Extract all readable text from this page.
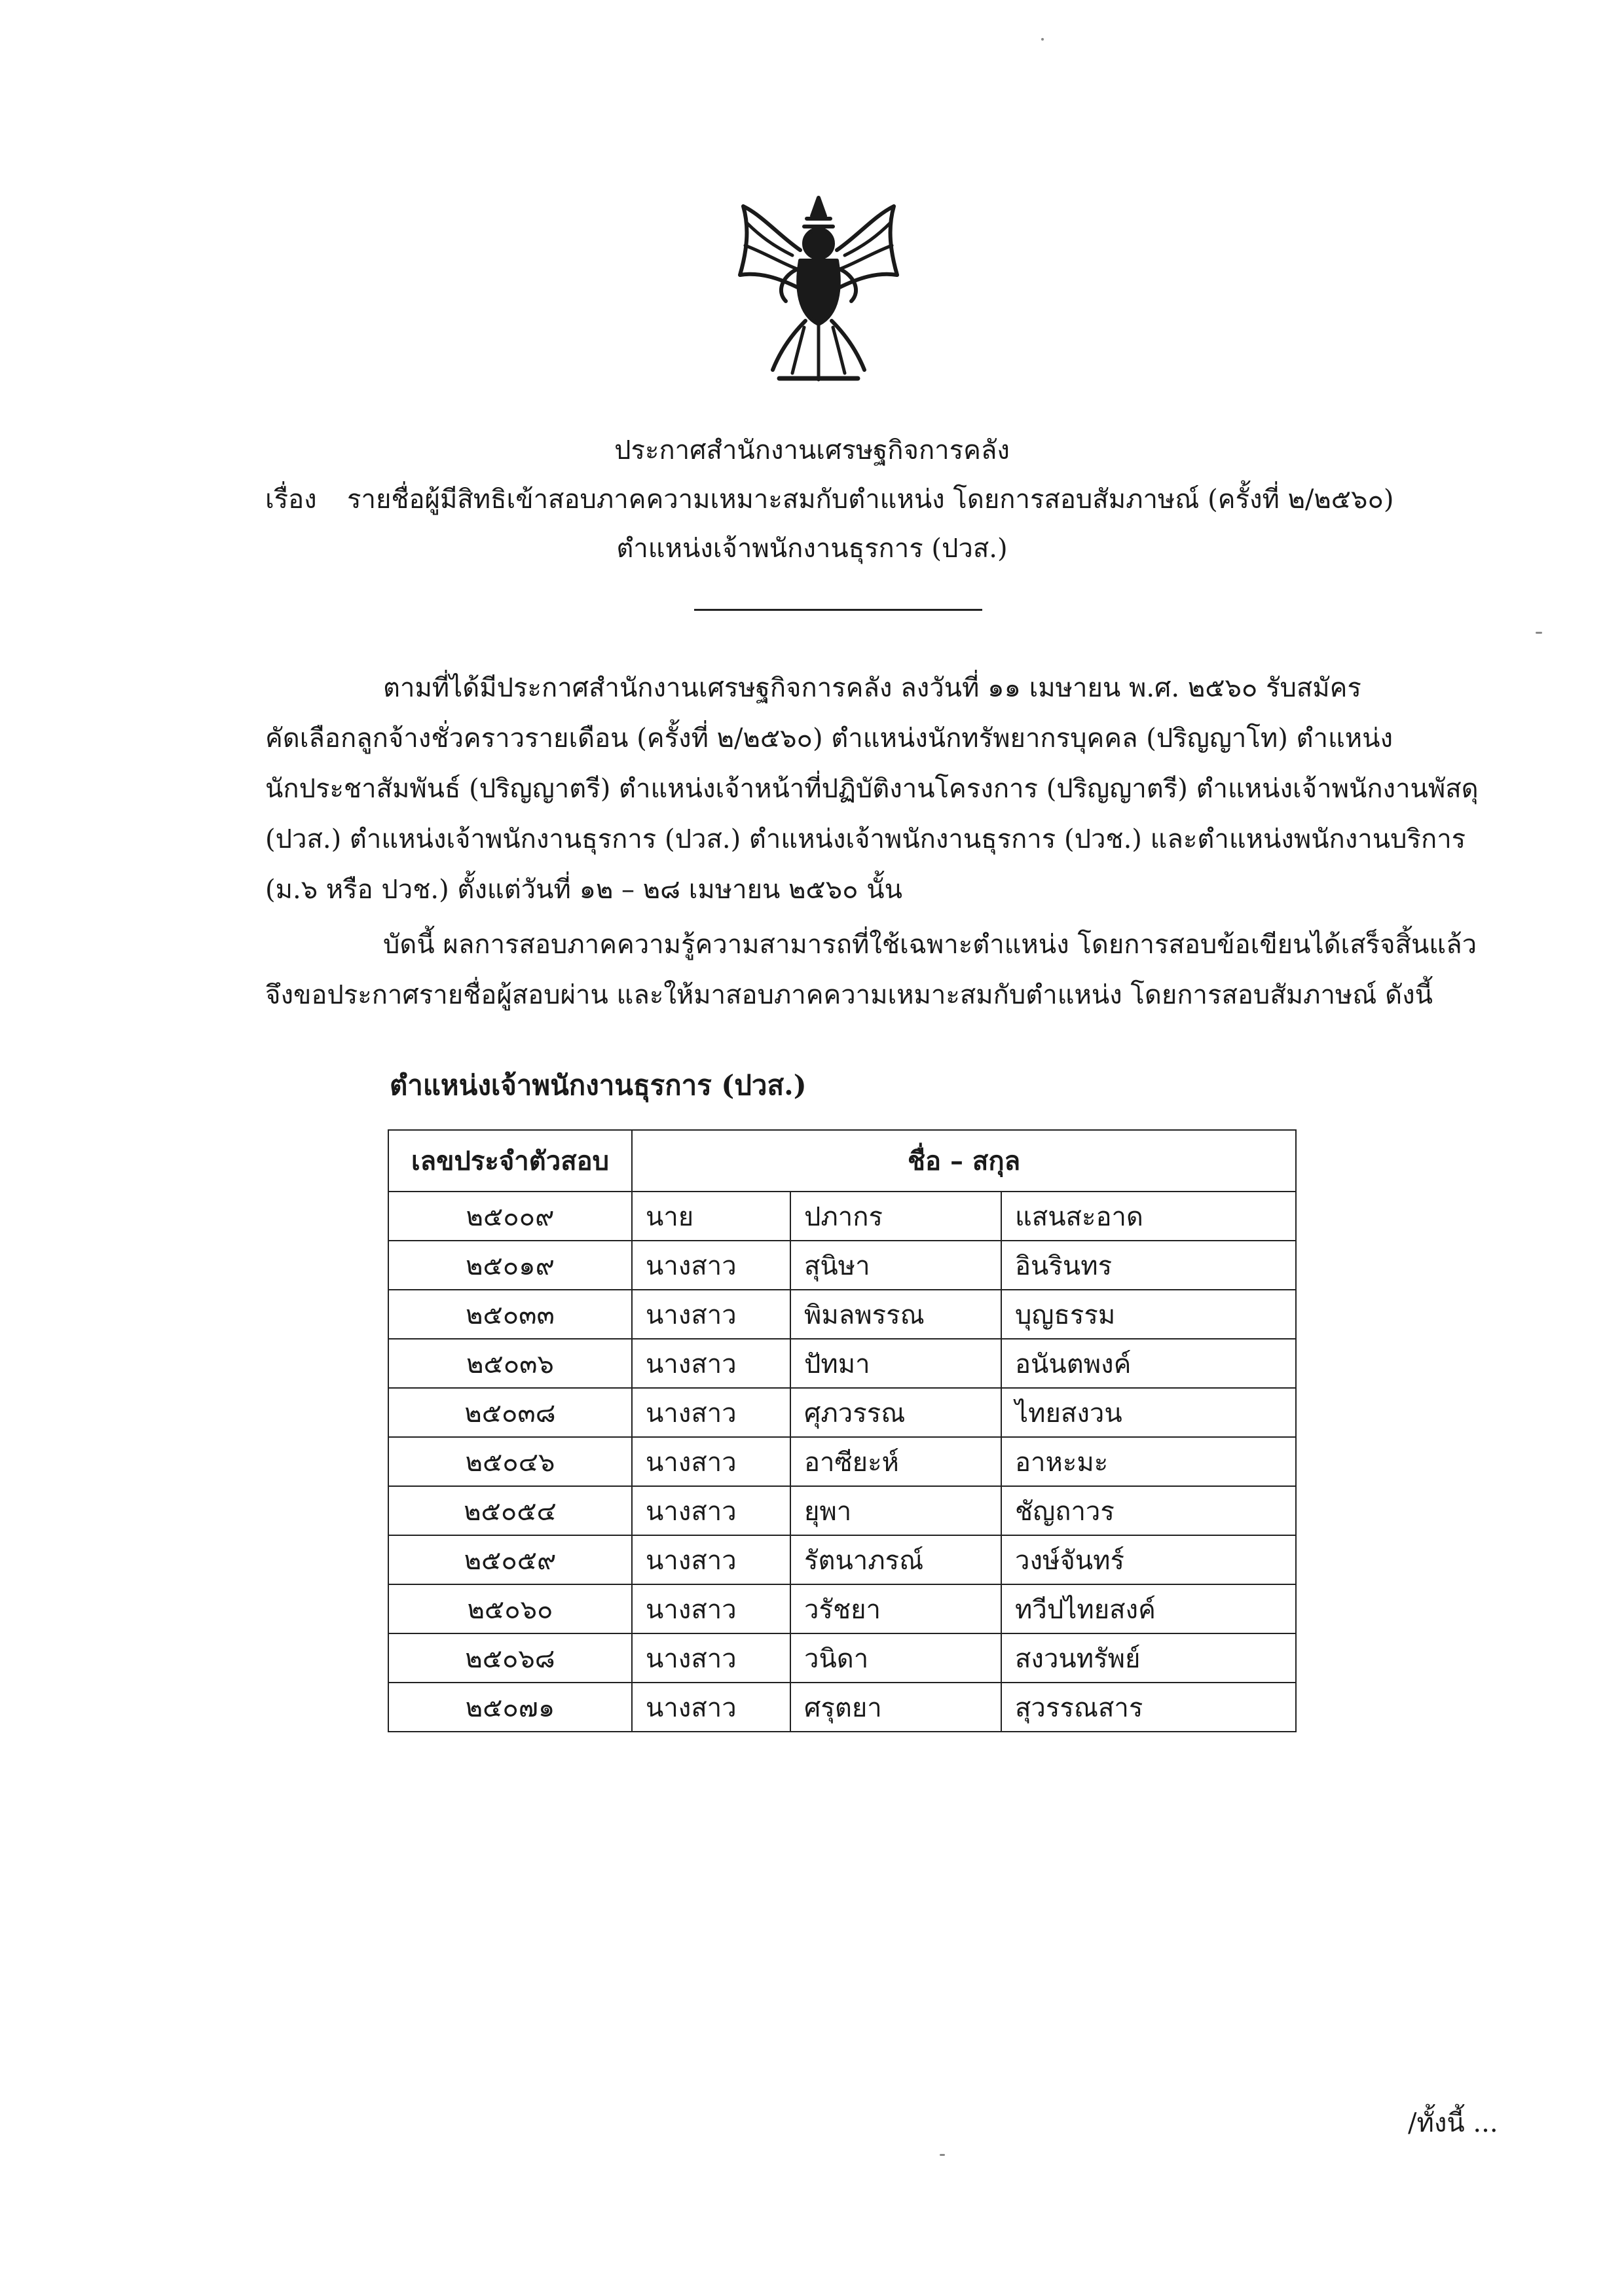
ประกาศสำนักงานเศรษฐกิจการคลัง
เรื่อง รายชื่อผู้มีสิทธิเข้าสอบภาคความเหมาะสมกับตำแหน่ง โดยการสอบสัมภาษณ์ (ครั้งที่ ๒/๒๕๖๐)
ตำแหน่งเจ้าพนักงานธุรการ (ปวส.)
ตามที่ได้มีประกาศสำนักงานเศรษฐกิจการคลัง ลงวันที่ ๑๑ เมษายน พ.ศ. ๒๕๖๐ รับสมัคร
คัดเลือกลูกจ้างชั่วคราวรายเดือน (ครั้งที่ ๒/๒๕๖๐) ตำแหน่งนักทรัพยากรบุคคล (ปริญญาโท) ตำแหน่ง
นักประชาสัมพันธ์ (ปริญญาตรี) ตำแหน่งเจ้าหน้าที่ปฏิบัติงานโครงการ (ปริญญาตรี) ตำแหน่งเจ้าพนักงานพัสดุ
(ปวส.) ตำแหน่งเจ้าพนักงานธุรการ (ปวส.) ตำแหน่งเจ้าพนักงานธุรการ (ปวช.) และตำแหน่งพนักงานบริการ
(ม.๖ หรือ ปวช.) ตั้งแต่วันที่ ๑๒ – ๒๘ เมษายน ๒๕๖๐ นั้น
บัดนี้ ผลการสอบภาคความรู้ความสามารถที่ใช้เฉพาะตำแหน่ง โดยการสอบข้อเขียนได้เสร็จสิ้นแล้ว
จึงขอประกาศรายชื่อผู้สอบผ่าน และให้มาสอบภาคความเหมาะสมกับตำแหน่ง โดยการสอบสัมภาษณ์ ดังนี้
ตำแหน่งเจ้าพนักงานธุรการ (ปวส.)
เลขประจำตัวสอบ	ชื่อ – สกุล		
๒๕๐๐๙	นาย	ปภากร	แสนสะอาด
๒๕๐๑๙	นางสาว	สุนิษา	อินรินทร
๒๕๐๓๓	นางสาว	พิมลพรรณ	บุญธรรม
๒๕๐๓๖	นางสาว	ปัทมา	อนันตพงค์
๒๕๐๓๘	นางสาว	ศุภวรรณ	ไทยสงวน
๒๕๐๔๖	นางสาว	อาซียะห์	อาหะมะ
๒๕๐๕๔	นางสาว	ยุพา	ชัญถาวร
๒๕๐๕๙	นางสาว	รัตนาภรณ์	วงษ์จันทร์
๒๕๐๖๐	นางสาว	วรัชยา	ทวีปไทยสงค์
๒๕๐๖๘	นางสาว	วนิดา	สงวนทรัพย์
๒๕๐๗๑	นางสาว	ศรุตยา	สุวรรณสาร
/ทั้งนี้ ...
